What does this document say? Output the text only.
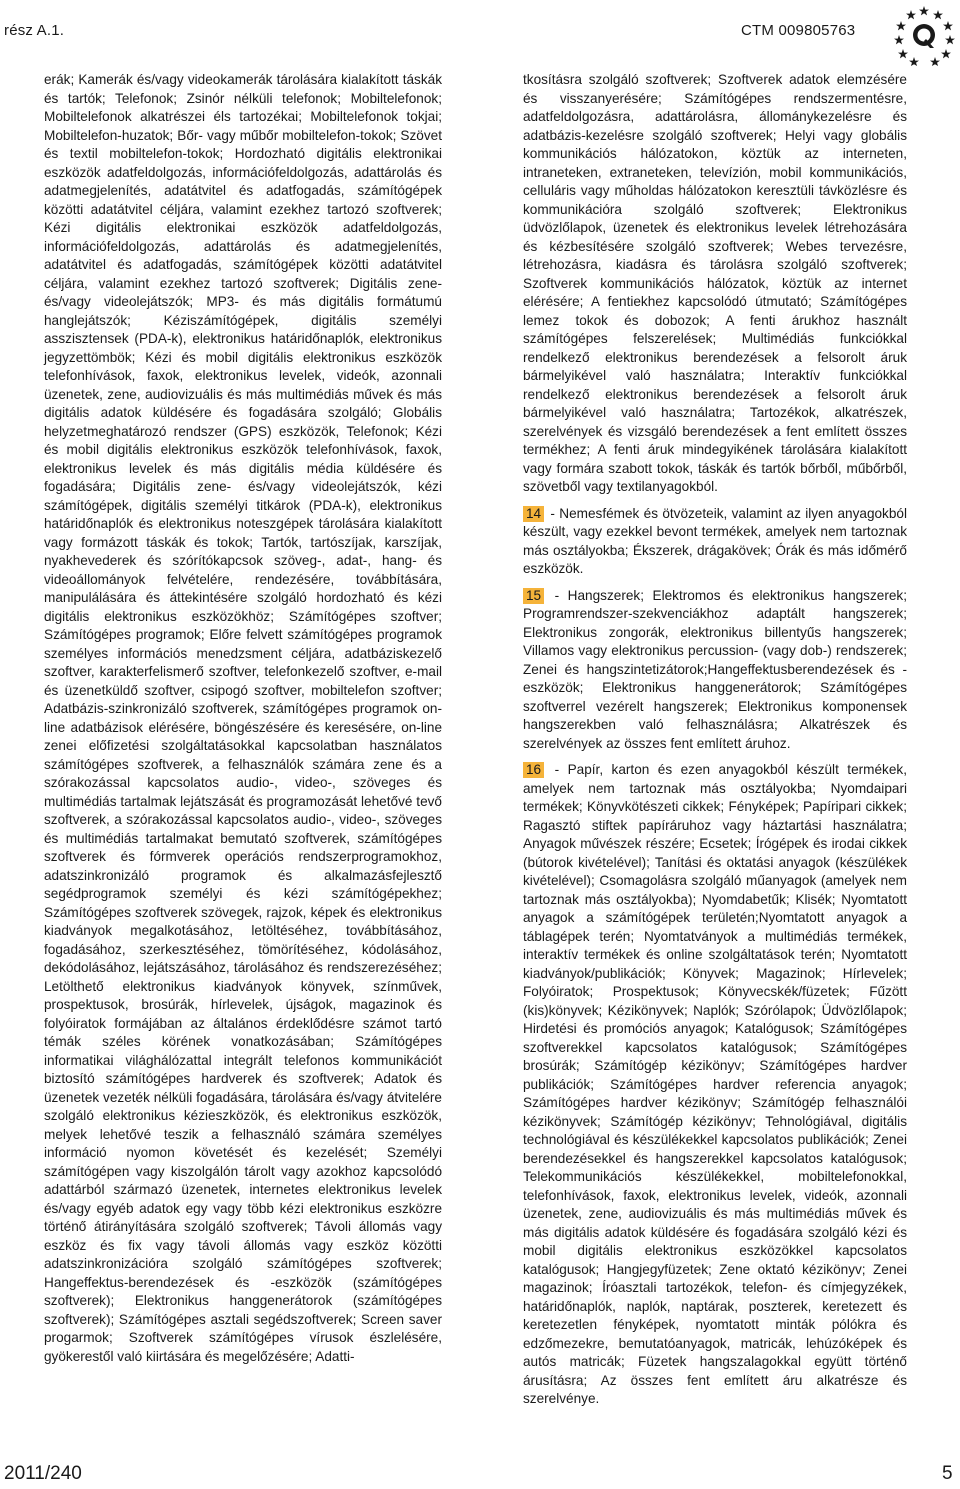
rész A.1.	CTM 009805763
erák; Kamerák és/vagy videokamerák tárolására kialakított táskák és tartók; Telefonok; Zsinór nélküli telefonok; Mobiltelefonok; Mobiltelefonok alkatrészei éls tartozékai; Mobiltelefonok tokjai; Mobiltelefon-huzatok; Bőr- vagy műbőr mobiltelefon-tokok; Szövet és textil mobiltelefon-tokok; Hordozható digitális elektronikai eszközök adatfeldolgozás, információfeldolgozás, adattárolás és adatmegjelenítés, adatátvitel és adatfogadás, számítógépek közötti adatátvitel céljára, valamint ezekhez tartozó szoftverek; Kézi digitális elektronikai eszközök adatfeldolgozás, információfeldolgozás, adattárolás és adatmegjelenítés, adatátvitel és adatfogadás, számítógépek közötti adatátvitel céljára, valamint ezekhez tartozó szoftverek; Digitális zene- és/vagy videolejátszók; MP3- és más digitális formátumú hanglejátszók; Kéziszámítógépek, digitális személyi asszisztensek (PDA-k), elektronikus határidőnaplók, elektronikus jegyzettömbök; Kézi és mobil digitális elektronikus eszközök telefonhívások, faxok, elektronikus levelek, videók, azonnali üzenetek, zene, audiovizuális és más multimédiás művek és más digitális adatok küldésére és fogadására szolgáló; Globális helyzetmeghatározó rendszer (GPS) eszközök, Telefonok; Kézi és mobil digitális elektronikus eszközök telefonhívások, faxok, elektronikus levelek és más digitális média küldésére és fogadására; Digitális zene- és/vagy videolejátszók, kézi számítógépek, digitális személyi titkárok (PDA-k), elektronikus határidőnaplók és elektronikus noteszgépek tárolására kialakított vagy formázott táskák és tokok; Tartók, tartószíjak, karszíjak, nyakhevederek és szórítókapcsok szöveg-, adat-, hang- és videoállományok felvételére, rendezésére, továbbítására, manipulálására és áttekintésére szolgáló hordozható és kézi digitális elektronikus eszközökhöz; Számítógépes szoftver; Számítógépes programok; Előre felvett számítógépes programok személyes információs menedzsment céljára, adatbáziskezelő szoftver, karakterfelismerő szoftver, telefonkezelő szoftver, e-mail és üzenetküldő szoftver, csipogó szoftver, mobiltelefon szoftver; Adatbázis-szinkronizáló szoftverek, számítógépes programok on-line adatbázisok elérésére, böngészésére és keresésére, on-line zenei előfizetési szolgáltatásokkal kapcsolatban használatos számítógépes szoftverek, a felhasználók számára zene és a szórakozással kapcsolatos audio-, video-, szöveges és multimédiás tartalmak lejátszását és programozását lehetővé tevő szoftverek, a szórakozással kapcsolatos audio-, video-, szöveges és multimédiás tartalmakat bemutató szoftverek, számítógépes szoftverek és fórmverek operációs rendszerprogramokhoz, adatszinkronizáló programok és alkalmazásfejlesztő segédprogramok személyi és kézi számítógépekhez; Számítógépes szoftverek szövegek, rajzok, képek és elektronikus kiadványok megalkotásához, letöltéséhez, továbbításához, fogadásához, szerkesztéséhez, tömörítéséhez, kódolásához, dekódolásához, lejátszásához, tárolásához és rendszerezéséhez; Letölthető elektronikus kiadványok könyvek, színművek, prospektusok, brosúrák, hírlevelek, újságok, magazinok és folyóiratok formájában az általános érdeklődésre számot tartó témák széles körének vonatkozásában; Számítógépes informatikai világhálózattal integrált telefonos kommunikációt biztosító számítógépes hardverek és szoftverek; Adatok és üzenetek vezeték nélküli fogadására, tárolására és/vagy átvitelére szolgáló elektronikus kézieszközök, és elektronikus eszközök, melyek lehetővé teszik a felhasználó számára személyes információ nyomon követését és kezelését; Személyi számítógépen vagy kiszolgálón tárolt vagy azokhoz kapcsolódó adattárból származó üzenetek, internetes elektronikus levelek és/vagy egyéb adatok egy vagy több kézi elektronikus eszközre történő átirányítására szolgáló szoftverek; Távoli állomás vagy eszköz és fix vagy távoli állomás vagy eszköz közötti adatszinkronizációra szolgáló számítógépes szoftverek; Hangeffektus-berendezések és -eszközök (számítógépes szoftverek); Elektronikus hanggenerátorok (számítógépes szoftverek); Számítógépes asztali segédszoftverek; Screen saver progarmok; Szoftverek számítógépes vírusok észlelésére, gyökerestől való kiirtására és megelőzésére; Adatti-

tkosításra szolgáló szoftverek; Szoftverek adatok elemzésére és visszanyerésére; Számítógépes rendszermentésre, adatfeldolgozásra, adattárolásra, állománykezelésre és adatbázis-kezelésre szolgáló szoftverek; Helyi vagy globális kommunikációs hálózatokon, köztük az interneten, intraneteken, extraneteken, televízión, mobil kommunikációs, celluláris vagy műholdas hálózatokon keresztüli távközlésre és kommunikációra szolgáló szoftverek; Elektronikus üdvözlőlapok, üzenetek és elektronikus levelek létrehozására és kézbesítésére szolgáló szoftverek; Webes tervezésre, létrehozásra, kiadásra és tárolásra szolgáló szoftverek; Szoftverek kommunikációs hálózatok, köztük az internet elérésére; A fentiekhez kapcsolódó útmutató; Számítógépes lemez tokok és dobozok; A fenti árukhoz használt számítógépes felszerelések; Multimédiás funkciókkal rendelkező elektronikus berendezések a felsorolt áruk bármelyikével való használatra; Interaktív funkciókkal rendelkező elektronikus berendezések a felsorolt áruk bármelyikével való használatra; Tartozékok, alkatrészek, szerelvények és vizsgáló berendezések a fent említett összes termékhez; A fenti áruk mindegyikének tárolására kialakított vagy formára szabott tokok, táskák és tartók bőrből, műbőrből, szövetből vagy textilanyagokból.

14 - Nemesfémek és ötvözeteik, valamint az ilyen anyagokból készült, vagy ezekkel bevont termékek, amelyek nem tartoznak más osztályokba; Ékszerek, drágakövek; Órák és más időmérő eszközök.

15 - Hangszerek; Elektromos és elektronikus hangszerek; Programrendszer-szekvenciákhoz adaptált hangszerek; Elektronikus zongorák, elektronikus billentyűs hangszerek; Villamos vagy elektronikus percussion- (vagy dob-) rendszerek; Zenei és hangszintetizátorok;Hangeffektusberendezések és -eszközök; Elektronikus hanggenerátorok; Számítógépes szoftverrel vezérelt hangszerek; Elektronikus komponensek hangszerekben való felhasználásra; Alkatrészek és szerelvények az összes fent említett áruhoz.

16 - Papír, karton és ezen anyagokból készült termékek, amelyek nem tartoznak más osztályokba; Nyomdaipari termékek; Könyvkötészeti cikkek; Fényképek; Papíripari cikkek; Ragasztó stiftek papíráruhoz vagy háztartási használatra; Anyagok művészek részére; Ecsetek; Írógépek és irodai cikkek (bútorok kivételével); Tanítási és oktatási anyagok (készülékek kivételével); Csomagolásra szolgáló műanyagok (amelyek nem tartoznak más osztályokba); Nyomdabetűk; Klisék; Nyomtatott anyagok a számítógépek területén;Nyomtatott anyagok a táblagépek terén; Nyomtatványok a multimédiás termékek, interaktív termékek és online szolgáltatások terén; Nyomtatott kiadványok/publikációk; Könyvek; Magazinok; Hírlevelek; Folyóiratok; Prospektusok; Könyvecskék/füzetek; Fűzött (kis)könyvek; Kézikönyvek; Naplók; Szórólapok; Üdvözlőlapok; Hirdetési és promóciós anyagok; Katalógusok; Számítógépes szoftverekkel kapcsolatos katalógusok; Számítógépes brosúrák; Számítógép kézikönyv; Számítógépes hardver publikációk; Számítógépes hardver referencia anyagok; Számítógépes hardver kézikönyv; Számítógép felhasználói kézikönyvek; Számítógép kézikönyv; Tehnológiával, digitális technológiával és készülékekkel kapcsolatos publikációk; Zenei berendezésekkel és hangszerekkel kapcsolatos katalógusok; Telekommunikációs készülékekkel, mobiltelefonokkal, telefonhívások, faxok, elektronikus levelek, videók, azonnali üzenetek, zene, audiovizuális és más multimédiás művek és más digitális adatok küldésére és fogadására szolgáló kézi és mobil digitális elektronikus eszközökkel kapcsolatos katalógusok; Hangjegyfüzetek; Zene oktató kézikönyv; Zenei magazinok; Íróasztali tartozékok, telefon- és címjegyzékek, határidőnaplók, naplók, naptárak, poszterek, keretezett és keretezetlen fényképek, nyomtatott minták pólókra és edzőmezekre, bemutatóanyagok, matricák, lehúzóképek és autós matricák; Füzetek hangszalagokkal együtt történő árusításra; Az összes fent említett áru alkatrésze és szerelvénye.

2011/240	5
